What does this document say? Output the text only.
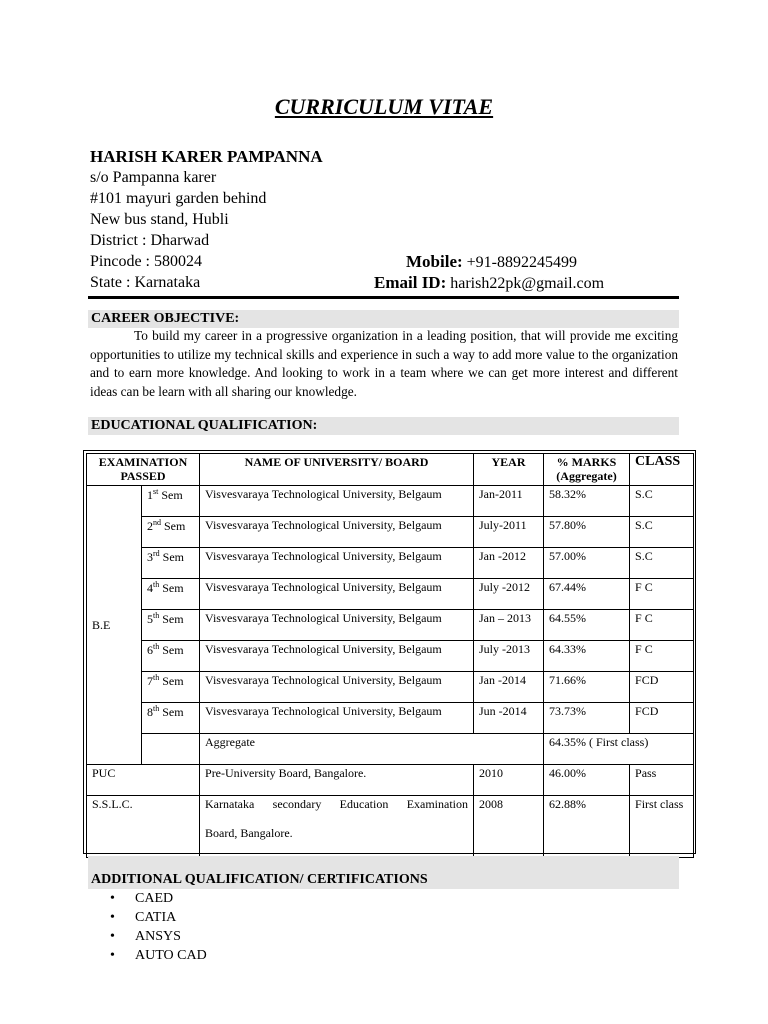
CURRICULUM VITAE
HARISH KARER PAMPANNA
s/o Pampanna karer
#101 mayuri garden behind
New bus stand, Hubli
District : Dharwad
Pincode : 580024
State : Karnataka
Mobile: +91-8892245499
Email ID: harish22pk@gmail.com
CAREER OBJECTIVE:
To build my career in a progressive organization in a leading position, that will provide me exciting opportunities to utilize my technical skills and experience in such a way to add more value to the organization and to earn more knowledge. And looking to work in a team where we can get more interest and different ideas can be learn with all sharing our knowledge.
EDUCATIONAL QUALIFICATION:
EXAMINATION PASSED		NAME OF UNIVERSITY/ BOARD	YEAR	% MARKS (Aggregate)	CLASS
B.E	1st Sem	Visvesvaraya Technological University, Belgaum	Jan-2011	58.32%	S.C
	2nd Sem	Visvesvaraya Technological University, Belgaum	July-2011	57.80%	S.C
	3rd Sem	Visvesvaraya Technological University, Belgaum	Jan -2012	57.00%	S.C
	4th Sem	Visvesvaraya Technological University, Belgaum	July -2012	67.44%	F C
	5th Sem	Visvesvaraya Technological University, Belgaum	Jan – 2013	64.55%	F C
	6th Sem	Visvesvaraya Technological University, Belgaum	July -2013	64.33%	F C
	7th Sem	Visvesvaraya Technological University, Belgaum	Jan -2014	71.66%	FCD
	8th Sem	Visvesvaraya Technological University, Belgaum	Jun -2014	73.73%	FCD
		Aggregate		64.35% ( First class)	
PUC		Pre-University Board, Bangalore.	2010	46.00%	Pass
S.S.L.C.		Karnataka secondary Education Examination
Board, Bangalore.	2008	62.88%	First class
ADDITIONAL QUALIFICATION/ CERTIFICATIONS
• CAED
• CATIA
• ANSYS
• AUTO CAD
